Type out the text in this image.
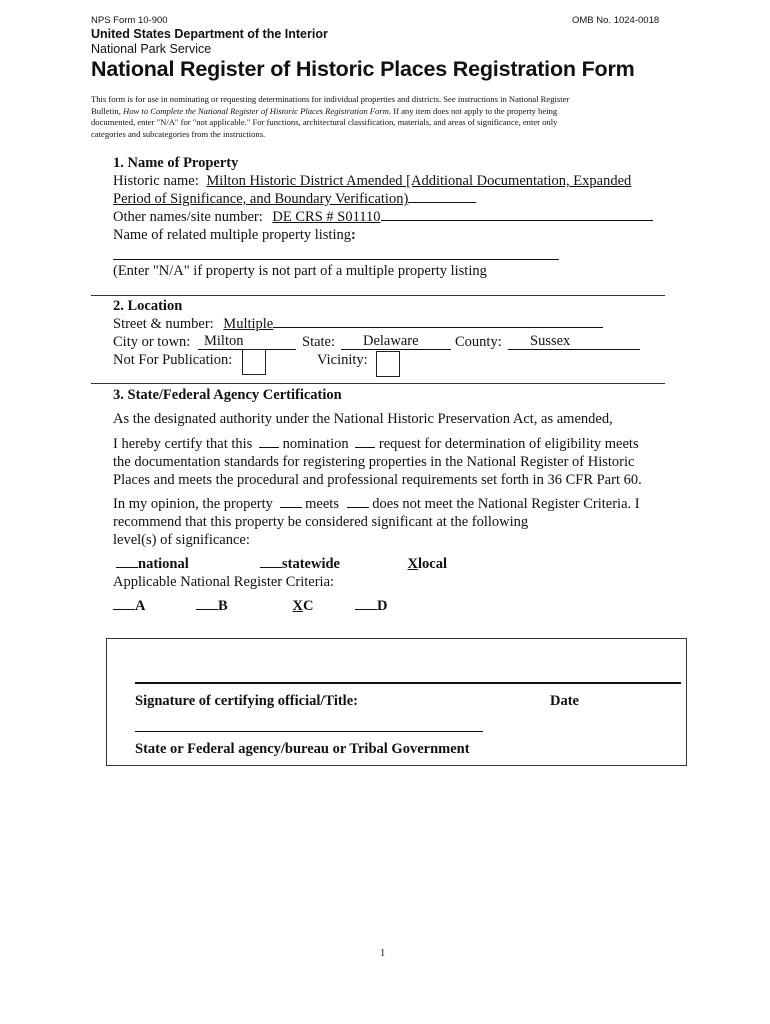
NPS Form 10-900	OMB No. 1024-0018
United States Department of the Interior
National Park Service
National Register of Historic Places Registration Form
This form is for use in nominating or requesting determinations for individual properties and districts. See instructions in National Register
Bulletin, How to Complete the National Register of Historic Places Registration Form. If any item does not apply to the property being
documented, enter "N/A" for "not applicable." For functions, architectural classification, materials, and areas of significance, enter only
categories and subcategories from the instructions.
1. Name of Property
Historic name: Milton Historic District Amended [Additional Documentation, Expanded
Period of Significance, and Boundary Verification)
Other names/site number: DE CRS # S01110
Name of related multiple property listing:
(Enter "N/A" if property is not part of a multiple property listing
2. Location
Street & number: Multiple
City or town: Milton	State:	Delaware	County:	Sussex
Not For Publication:	Vicinity:
3. State/Federal Agency Certification
As the designated authority under the National Historic Preservation Act, as amended,
I hereby certify that this  nomination  request for determination of eligibility meets
the documentation standards for registering properties in the National Register of Historic
Places and meets the procedural and professional requirements set forth in 36 CFR Part 60.
In my opinion, the property  meets  does not meet the National Register Criteria. I
recommend that this property be considered significant at the following
level(s) of significance:
national	statewide	Xlocal
Applicable National Register Criteria:
A	B	XC	D
Signature of certifying official/Title:	Date
State or Federal agency/bureau or Tribal Government
1
